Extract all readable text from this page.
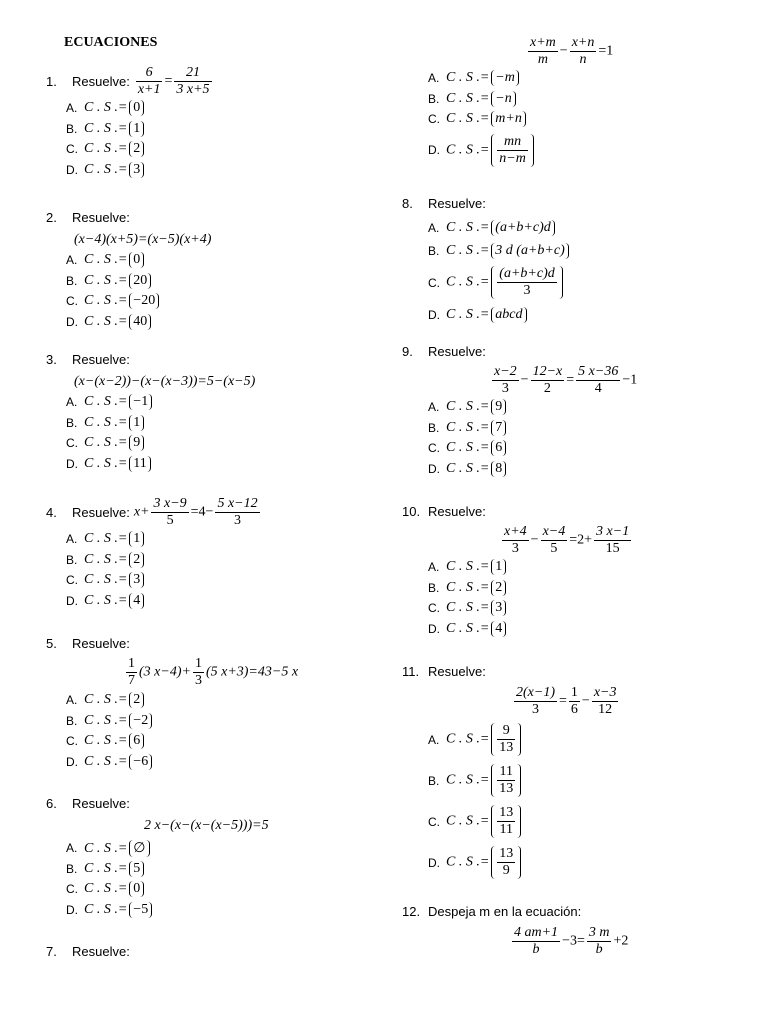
ECUACIONES
1.	Resuelve: $\frac{6}{x+1} = \frac{21}{3 x+5}$
A. C . S .= 0
B. C . S .= 1
C. C . S .= 2
D. C . S .= 3
2.	Resuelve:
(x−4)(x+5)=(x−5)(x+4)
A. C . S .= 0
B. C . S .= 20
C. C . S .= −20
D. C . S .= 40
3.	Resuelve:
(x−(x−2))−(x−(x−3))=5−(x−5)
A. C . S .= −1
B. C . S .= 1
C. C . S .= 9
D. C . S .= 11
4.	Resuelve: $x+ \frac{3 x-9}{5} =4- \frac{5 x-12}{3}$
A. C . S .= 1
B. C . S .= 2
C. C . S .= 3
D. C . S .= 4
5.	Resuelve:
$\frac{1}{7} (3$ $x-4)+ \frac{1}{3} (5$ x+3)=43−5 x
A. C . S .= 2
B. C . S .= −2
C. C . S .= 6
D. C . S .= −6
6.	Resuelve:
2 x−(x−(x−(x−5)))=5
A. C . S .= ∅
B. C . S .= 5
C. C . S .= 0
D. C . S .= −5
7.	Resuelve:
$\frac{x+m}{m} - \frac{x+n}{n} =1$
A. C . S .= −m
B. C . S .= −n
C. C . S .= m+n
D. C . S .= $\frac{mn}{n-m}$
8.	Resuelve:
A. C . S .= (a+b+c)d
B. C . S .= 3 d (a+b+c)
C. C . S .= $\frac{(a+b+c)d}{3}$
D. C . S .= abcd
9.	Resuelve:
$\frac{x-2}{3} - \frac{12-x}{2} = \frac{5 x-36}{4} -1$
A. C . S .= 9
B. C . S .= 7
C. C . S .= 6
D. C . S .= 8
10. Resuelve:
$\frac{x+4}{3} - \frac{x-4}{5} =2+ \frac{3 x-1}{15}$
A. C . S .= 1
B. C . S .= 2
C. C . S .= 3
D. C . S .= 4
11. Resuelve:
$\frac{2(x-1)}{3} = \frac{1}{6} - \frac{x-3}{12}$
A. C . S .= $\frac{9}{13}$
B. C . S .= $\frac{11}{13}$
C. C . S .= $\frac{13}{11}$
D. C . S .= $\frac{13}{9}$
12. Despeja m en la ecuación:
$\frac{4 am+1}{b} -3= \frac{3 m}{b} +2$
